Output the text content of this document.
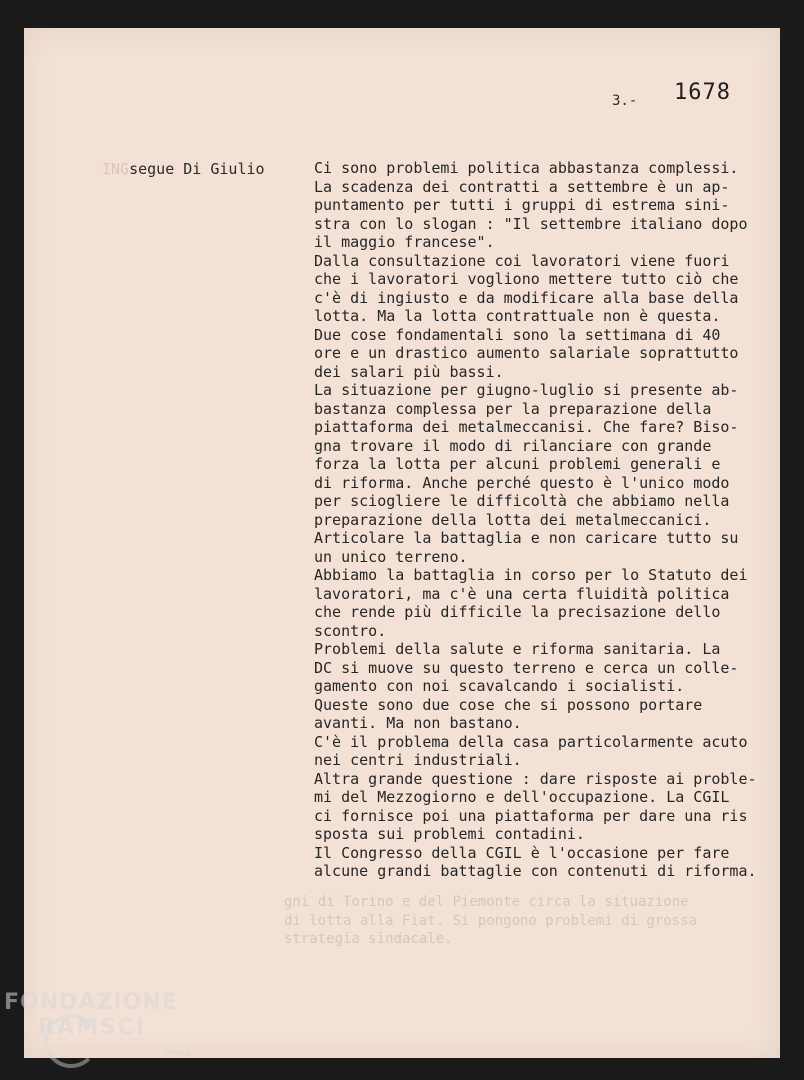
3.- 1678
INGsegue Di Giulio
gni di Torino e del Piemonte circa la situazione
di lotta alla Fiat. Si pongono problemi di grossa
strategia sindacale.
Ci sono problemi politica abbastanza complessi.
La scadenza dei contratti a settembre è un ap-
puntamento per tutti i gruppi di estrema sini-
stra con lo slogan : "Il settembre italiano dopo
il maggio francese".
Dalla consultazione coi lavoratori viene fuori
che i lavoratori vogliono mettere tutto ciò che
c'è di ingiusto e da modificare alla base della
lotta. Ma la lotta contrattuale non è questa.
Due cose fondamentali sono la settimana di 40
ore e un drastico aumento salariale soprattutto
dei salari più bassi.
La situazione per giugno-luglio si presente ab-
bastanza complessa per la preparazione della
piattaforma dei metalmeccanisi. Che fare? Biso-
gna trovare il modo di rilanciare con grande
forza la lotta per alcuni problemi generali e
di riforma. Anche perché questo è l'unico modo
per sciogliere le difficoltà che abbiamo nella
preparazione della lotta dei metalmeccanici.
Articolare la battaglia e non caricare tutto su
un unico terreno.
Abbiamo la battaglia in corso per lo Statuto dei
lavoratori, ma c'è una certa fluidità politica
che rende più difficile la precisazione dello
scontro.
Problemi della salute e riforma sanitaria. La
DC si muove su questo terreno e cerca un colle-
gamento con noi scavalcando i socialisti.
Queste sono due cose che si possono portare
avanti. Ma non bastano.
C'è il problema della casa particolarmente acuto
nei centri industriali.
Altra grande questione : dare risposte ai proble-
mi del Mezzogiorno e dell'occupazione. La CGIL
ci fornisce poi una piattaforma per dare una ris
sposta sui problemi contadini.
Il Congresso della CGIL è l'occasione per fare
alcune grandi battaglie con contenuti di riforma.
FONDAZIONE
RAMSCI
Onlus
